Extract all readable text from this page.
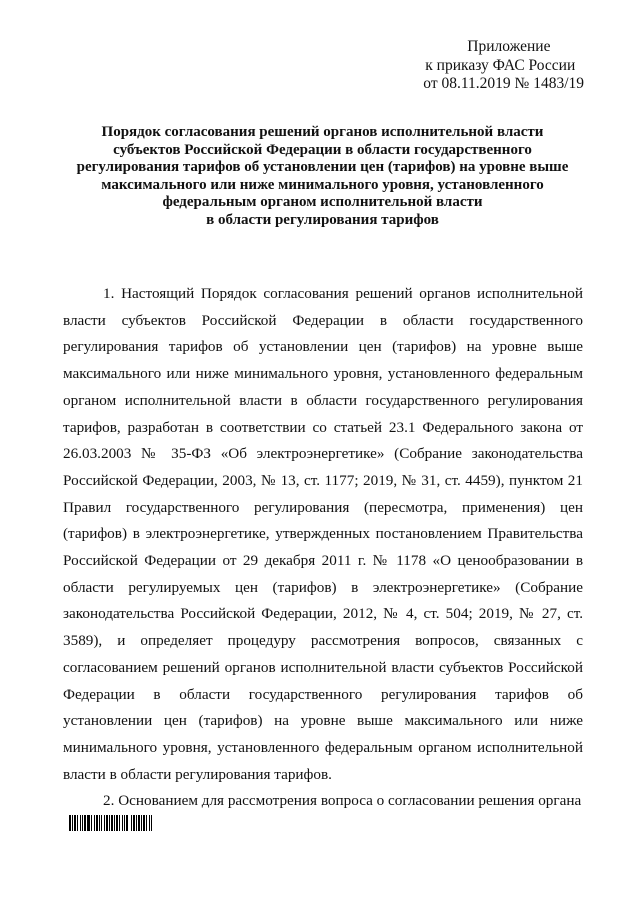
Приложение
к приказу ФАС России
от 08.11.2019 № 1483/19
Порядок согласования решений органов исполнительной власти
субъектов Российской Федерации в области государственного
регулирования тарифов об установлении цен (тарифов) на уровне выше
максимального или ниже минимального уровня, установленного
федеральным органом исполнительной власти
в области регулирования тарифов

1. Настоящий Порядок согласования решений органов исполнительной власти субъектов Российской Федерации в области государственного регулирования тарифов об установлении цен (тарифов) на уровне выше максимального или ниже минимального уровня, установленного федеральным органом исполнительной власти в области государственного регулирования тарифов, разработан в соответствии со статьей 23.1 Федерального закона от 26.03.2003 № 35-ФЗ «Об электроэнергетике» (Собрание законодательства Российской Федерации, 2003, № 13, ст. 1177; 2019, № 31, ст. 4459), пунктом 21 Правил государственного регулирования (пересмотра, применения) цен (тарифов) в электроэнергетике, утвержденных постановлением Правительства Российской Федерации от 29 декабря 2011 г. № 1178 «О ценообразовании в области регулируемых цен (тарифов) в электроэнергетике» (Собрание законодательства Российской Федерации, 2012, № 4, ст. 504; 2019, № 27, ст. 3589), и определяет процедуру рассмотрения вопросов, связанных с согласованием решений органов исполнительной власти субъектов Российской Федерации в области государственного регулирования тарифов об установлении цен (тарифов) на уровне выше максимального или ниже минимального уровня, установленного федеральным органом исполнительной власти в области регулирования тарифов.

2. Основанием для рассмотрения вопроса о согласовании решения органа
